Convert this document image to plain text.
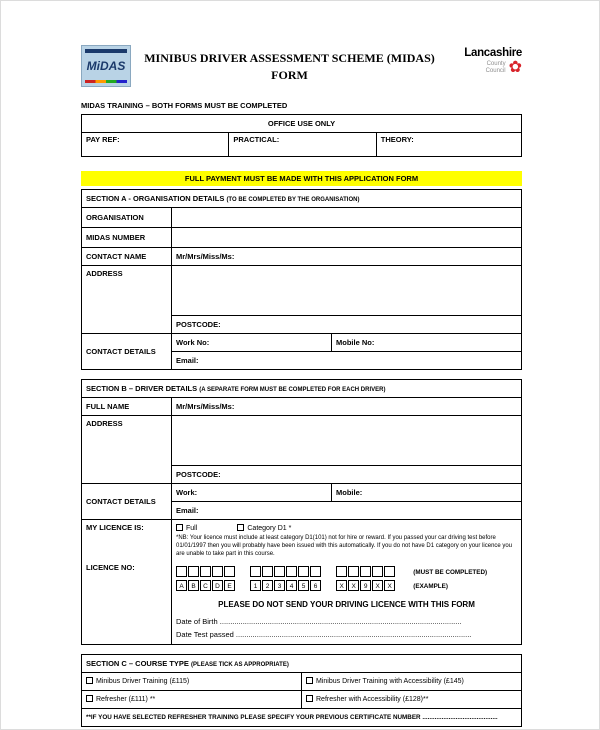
MiDAS
MINIBUS DRIVER ASSESSMENT SCHEME (MIDAS)
FORM
Lancashire
County
Council ✿
MIDAS TRAINING – BOTH FORMS MUST BE COMPLETED
OFFICE USE ONLY
PAY REF:	PRACTICAL:	THEORY:
FULL PAYMENT MUST BE MADE WITH THIS APPLICATION FORM
SECTION A - ORGANISATION DETAILS (TO BE COMPLETED BY THE ORGANISATION)		
ORGANISATION		
MIDAS NUMBER		
CONTACT NAME	Mr/Mrs/Miss/Ms:	
ADDRESS		
	POSTCODE:	
CONTACT DETAILS	Work No:	Mobile No:
	Email:	
SECTION B – DRIVER DETAILS (A SEPARATE FORM MUST BE COMPLETED FOR EACH DRIVER)		
FULL NAME	Mr/Mrs/Miss/Ms:	
ADDRESS		
	POSTCODE:	
CONTACT DETAILS	Work:	Mobile:
	Email:	
MY LICENCE IS:	Full Category D1 *
*NB: Your licence must include at least category D1(101) not for hire or reward. If you passed your car driving test before 01/01/1997 then you will probably have been issued with this automatically. If you do not have D1 category on your licence you are unable to take part in this course.	

LICENCE NO:	(MUST BE COMPLETED)
A B C D E 1 2 3 4 5 6 X X 9 X X (EXAMPLE)
PLEASE DO NOT SEND YOUR DRIVING LICENCE WITH THIS FORM
Date of Birth ....................................................................................................................
Date Test passed .................................................................................................................	
SECTION C – COURSE TYPE (PLEASE TICK AS APPROPRIATE)	
Minibus Driver Training (£115)	Minibus Driver Training with Accessibility (£145)
Refresher (£111) **	Refresher with Accessibility (£128)**
**IF YOU HAVE SELECTED REFRESHER TRAINING PLEASE SPECIFY YOUR PREVIOUS CERTIFICATE NUMBER ...........................................	
